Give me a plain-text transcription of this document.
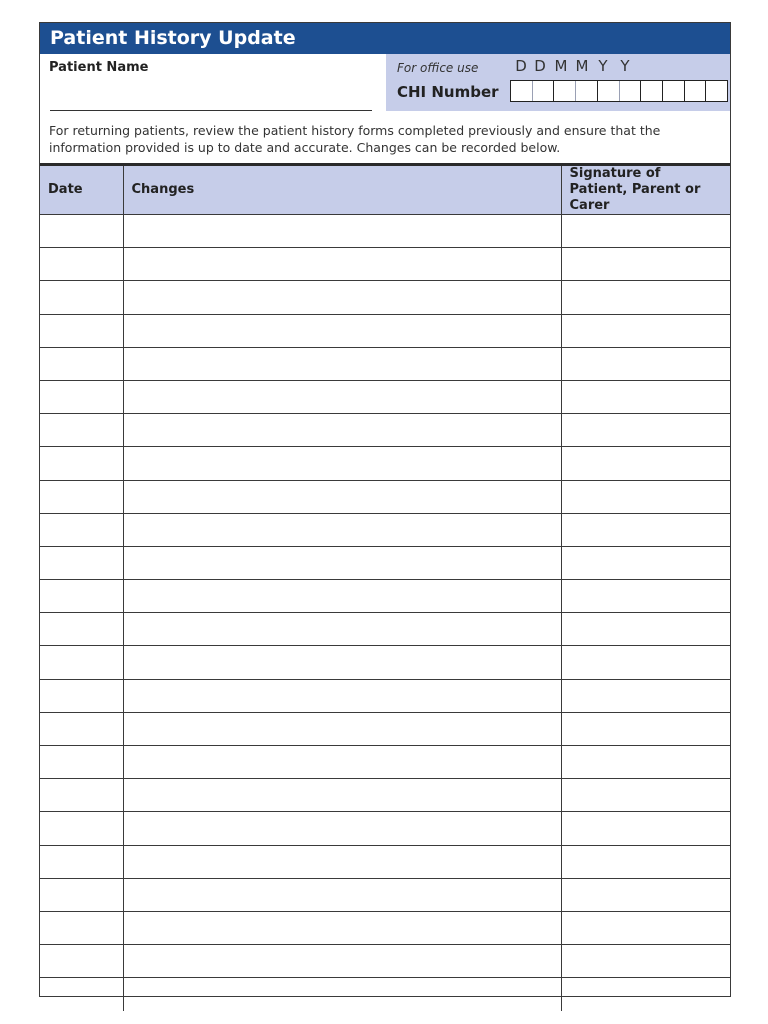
Patient History Update
Patient Name	For office use D D M M Y Y
CHI Number
For returning patients, review the patient history forms completed previously and ensure that the information provided is up to date and accurate. Changes can be recorded below.
Date	Changes	Signature of Patient, Parent or Carer
